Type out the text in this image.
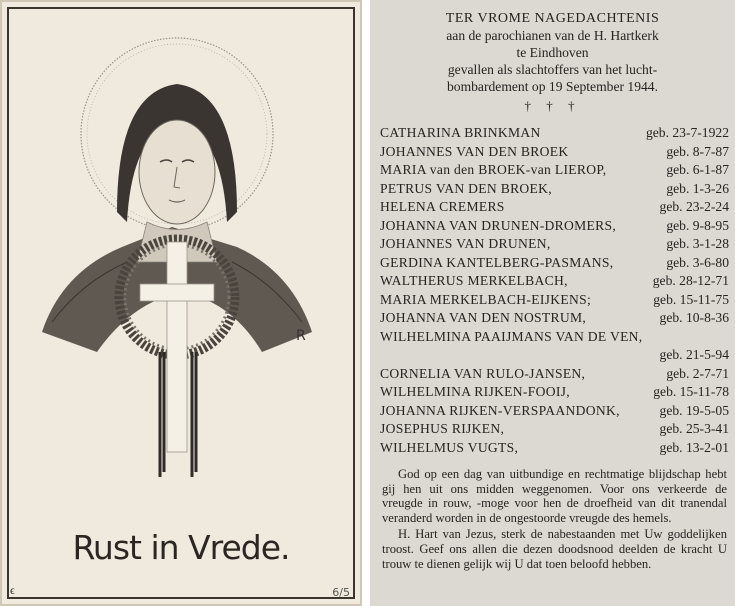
R
Rust in Vrede.
ϵ	6/5
TER VROME NAGEDACHTENIS
aan de parochianen van de H. Hartkerk
te Eindhoven
gevallen als slachtoffers van het lucht-
bombardement op 19 September 1944.
† † †
CATHARINA BRINKMAN	geb. 23-7-1922
JOHANNES VAN DEN BROEK	geb. 8-7-87
MARIA van den BROEK-van LIEROP,	geb. 6-1-87
PETRUS VAN DEN BROEK,	geb. 1-3-26
HELENA CREMERS	geb. 23-2-24
JOHANNA VAN DRUNEN-DROMERS,	geb. 9-8-95
JOHANNES VAN DRUNEN,	geb. 3-1-28
GERDINA KANTELBERG-PASMANS,	geb. 3-6-80
WALTHERUS MERKELBACH,	geb. 28-12-71
MARIA MERKELBACH-EIJKENS;	geb. 15-11-75
JOHANNA VAN DEN NOSTRUM,	geb. 10-8-36
WILHELMINA PAAIJMANS VAN DE VEN,
geb. 21-5-94
CORNELIA VAN RULO-JANSEN,	geb. 2-7-71
WILHELMINA RIJKEN-FOOIJ,	geb. 15-11-78
JOHANNA RIJKEN-VERSPAANDONK,	geb. 19-5-05
JOSEPHUS RIJKEN,	geb. 25-3-41
WILHELMUS VUGTS,	geb. 13-2-01

God op een dag van uitbundige en rechtmatige blijdschap hebt gij hen uit ons midden weggenomen. Voor ons verkeerde de vreugde in rouw, -moge voor hen de droefheid van dit tranendal veranderd worden in de ongestoorde vreugde des hemels.

H. Hart van Jezus, sterk de nabestaanden met Uw goddelijken troost. Geef ons allen die dezen doodsnood deelden de kracht U trouw te dienen gelijk wij U dat toen beloofd hebben.
